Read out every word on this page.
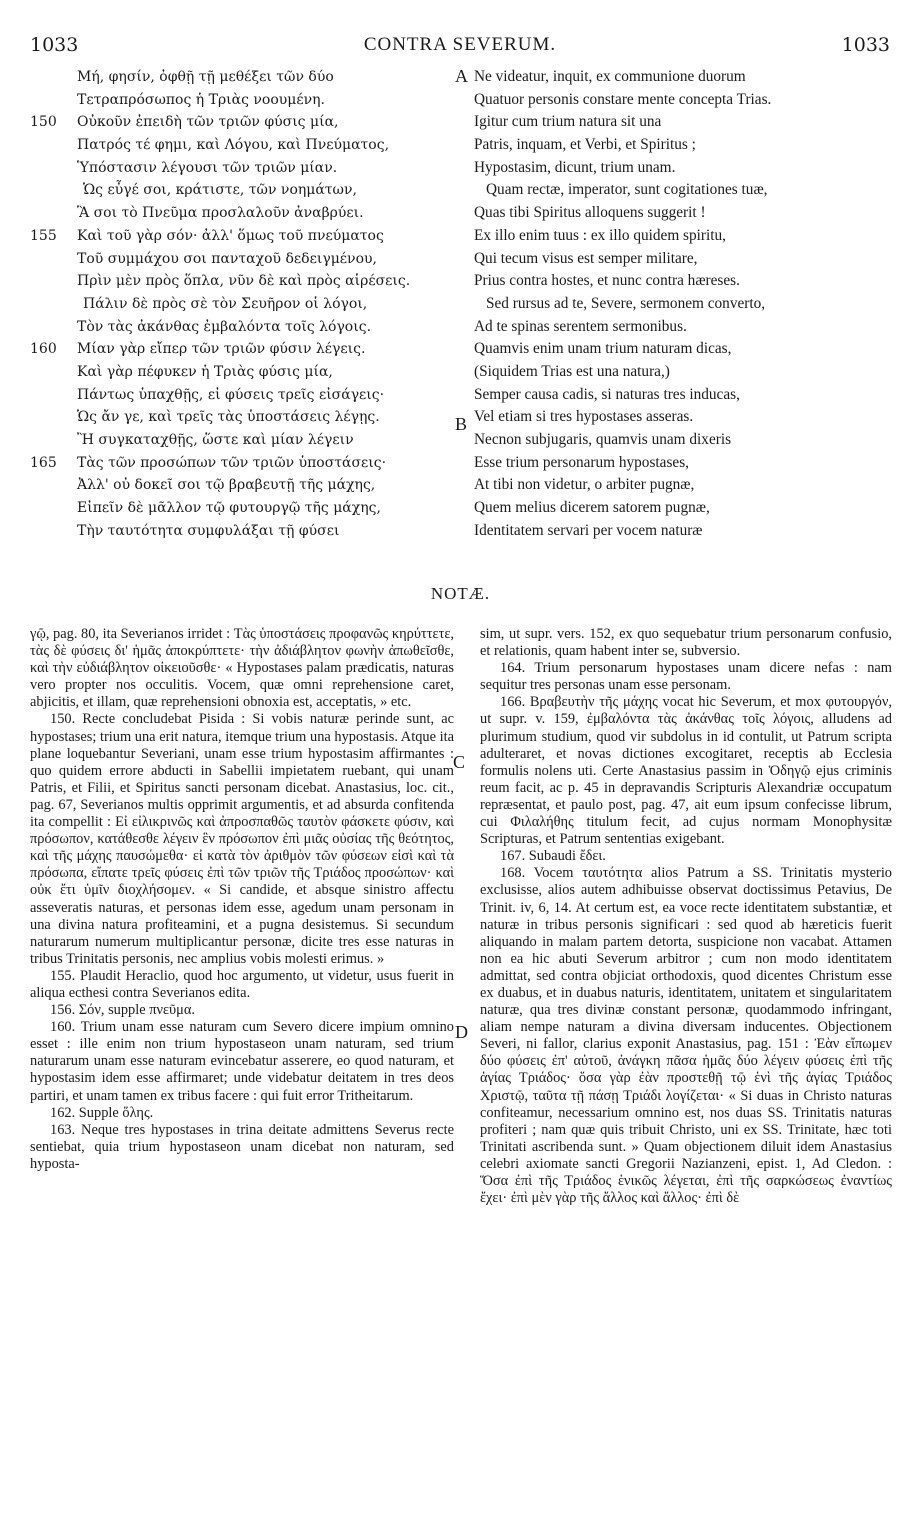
1033	CONTRA SEVERUM.	1033
Μή, φησίν, ὀφθῇ τῇ μεθέξει τῶν δύο
Τετραπρόσωπος ἡ Τριὰς νοουμένη.
150 Οὐκοῦν ἐπειδὴ τῶν τριῶν φύσις μία,
Πατρός τέ φημι, καὶ Λόγου, καὶ Πνεύματος,
Ὑπόστασιν λέγουσι τῶν τριῶν μίαν.
Ὡς εὖγέ σοι, κράτιστε, τῶν νοημάτων,
Ἃ σοι τὸ Πνεῦμα προσλαλοῦν ἀναβρύει.
155 Καὶ τοῦ γὰρ σόν· ἀλλ' ὅμως τοῦ πνεύματος
Τοῦ συμμάχου σοι πανταχοῦ δεδειγμένου,
Πρὶν μὲν πρὸς ὅπλα, νῦν δὲ καὶ πρὸς αἱρέσεις.
Πάλιν δὲ πρὸς σὲ τὸν Σευῆρον οἱ λόγοι,
Τὸν τὰς ἀκάνθας ἐμβαλόντα τοῖς λόγοις.
160 Μίαν γὰρ εἴπερ τῶν τριῶν φύσιν λέγεις.
Καὶ γὰρ πέφυκεν ἡ Τριὰς φύσις μία,
Πάντως ὑπαχθῇς, εἰ φύσεις τρεῖς εἰσάγεις·
Ὡς ἄν γε, καὶ τρεῖς τὰς ὑποστάσεις λέγῃς.
Ἢ συγκαταχθῇς, ὥστε καὶ μίαν λέγειν
165 Τὰς τῶν προσώπων τῶν τριῶν ὑποστάσεις·
Ἀλλ' οὐ δοκεῖ σοι τῷ βραβευτῇ τῆς μάχης,
Εἰπεῖν δὲ μᾶλλον τῷ φυτουργῷ τῆς μάχης,
Τὴν ταυτότητα συμφυλάξαι τῇ φύσει
Ne videatur, inquit, ex communione duorum
Quatuor personis constare mente concepta Trias.
Igitur cum trium natura sit una
Patris, inquam, et Verbi, et Spiritus ;
Hypostasim, dicunt, trium unam.
Quam rectæ, imperator, sunt cogitationes tuæ,
Quas tibi Spiritus alloquens suggerit !
Ex illo enim tuus : ex illo quidem spiritu,
Qui tecum visus est semper militare,
Prius contra hostes, et nunc contra hæreses.
Sed rursus ad te, Severe, sermonem converto,
Ad te spinas serentem sermonibus.
Quamvis enim unam trium naturam dicas,
(Siquidem Trias est una natura,)
Semper causa cadis, si naturas tres inducas,
Vel etiam si tres hypostases asseras.
Necnon subjugaris, quamvis unam dixeris
Esse trium personarum hypostases,
At tibi non videtur, o arbiter pugnæ,
Quem melius dicerem satorem pugnæ,
Identitatem servari per vocem naturæ
A
B
C
D
NOTÆ.

γῷ, pag. 80, ita Severianos irridet : Τὰς ὑποστάσεις προφανῶς κηρύττετε, τὰς δὲ φύσεις δι' ἡμᾶς ἀποκρύπτετε· τὴν ἀδιάβλητον φωνὴν ἀπωθεῖσθε, καὶ τὴν εὐδιάβλητον οἰκειοῦσθε· « Hypostases palam prædicatis, naturas vero propter nos occulitis. Vocem, quæ omni reprehensione caret, abjicitis, et illam, quæ reprehensioni obnoxia est, acceptatis, » etc.

150. Recte concludebat Pisida : Si vobis naturæ perinde sunt, ac hypostases; trium una erit natura, itemque trium una hypostasis. Atque ita plane loquebantur Severiani, unam esse trium hypostasim affirmantes : quo quidem errore abducti in Sabellii impietatem ruebant, qui unam Patris, et Filii, et Spiritus sancti personam dicebat. Anastasius, loc. cit., pag. 67, Severianos multis opprimit argumentis, et ad absurda confitenda ita compellit : Εἰ εἰλικρινῶς καὶ ἀπροσπαθῶς ταυτὸν φάσκετε φύσιν, καὶ πρόσωπον, κατάθεσθε λέγειν ἓν πρόσωπον ἐπὶ μιᾶς οὐσίας τῆς θεότητος, καὶ τῆς μάχης παυσώμεθα· εἰ κατὰ τὸν ἀριθμὸν τῶν φύσεων εἰσὶ καὶ τὰ πρόσωπα, εἴπατε τρεῖς φύσεις ἐπὶ τῶν τριῶν τῆς Τριάδος προσώπων· καὶ οὐκ ἔτι ὑμῖν διοχλήσομεν. « Si candide, et absque sinistro affectu asseveratis naturas, et personas idem esse, agedum unam personam in una divina natura profiteamini, et a pugna desistemus. Si secundum naturarum numerum multiplicantur personæ, dicite tres esse naturas in tribus Trinitatis personis, nec amplius vobis molesti erimus. »

155. Plaudit Heraclio, quod hoc argumento, ut videtur, usus fuerit in aliqua ecthesi contra Severianos edita.

156. Σόν, supple πνεῦμα.

160. Trium unam esse naturam cum Severo dicere impium omnino esset : ille enim non trium hypostaseon unam naturam, sed trium naturarum unam esse naturam evincebatur asserere, eo quod naturam, et hypostasim idem esse affirmaret; unde videbatur deitatem in tres deos partiri, et unam tamen ex tribus facere : qui fuit error Tritheitarum.

162. Supple ὅλης.

163. Neque tres hypostases in trina deitate admittens Severus recte sentiebat, quia trium hypostaseon unam dicebat non naturam, sed hyposta-

sim, ut supr. vers. 152, ex quo sequebatur trium personarum confusio, et relationis, quam habent inter se, subversio.

164. Trium personarum hypostases unam dicere nefas : nam sequitur tres personas unam esse personam.

166. Βραβευτὴν τῆς μάχης vocat hic Severum, et mox φυτουργόν, ut supr. v. 159, ἐμβαλόντα τὰς ἀκάνθας τοῖς λόγοις, alludens ad plurimum studium, quod vir subdolus in id contulit, ut Patrum scripta adulteraret, et novas dictiones excogitaret, receptis ab Ecclesia formulis nolens uti. Certe Anastasius passim in Ὁδηγῷ ejus criminis reum facit, ac p. 45 in depravandis Scripturis Alexandriæ occupatum repræsentat, et paulo post, pag. 47, ait eum ipsum confecisse librum, cui Φιλαλήθης titulum fecit, ad cujus normam Monophysitæ Scripturas, et Patrum sententias exigebant.

167. Subaudi ἔδει.

168. Vocem ταυτότητα alios Patrum a SS. Trinitatis mysterio exclusisse, alios autem adhibuisse observat doctissimus Petavius, De Trinit. iv, 6, 14. At certum est, ea voce recte identitatem substantiæ, et naturæ in tribus personis significari : sed quod ab hæreticis fuerit aliquando in malam partem detorta, suspicione non vacabat. Attamen non ea hic abuti Severum arbitror ; cum non modo identitatem admittat, sed contra objiciat orthodoxis, quod dicentes Christum esse ex duabus, et in duabus naturis, identitatem, unitatem et singularitatem naturæ, qua tres divinæ constant personæ, quodammodo infringant, aliam nempe naturam a divina diversam inducentes. Objectionem Severi, ni fallor, clarius exponit Anastasius, pag. 151 : Ἐὰν εἴπωμεν δύο φύσεις ἐπ' αὐτοῦ, ἀνάγκη πᾶσα ἡμᾶς δύο λέγειν φύσεις ἐπὶ τῆς ἁγίας Τριάδος· ὅσα γὰρ ἐὰν προστεθῇ τῷ ἑνὶ τῆς ἁγίας Τριάδος Χριστῷ, ταῦτα τῇ πάσῃ Τριάδι λογίζεται· « Si duas in Christo naturas confiteamur, necessarium omnino est, nos duas SS. Trinitatis naturas profiteri ; nam quæ quis tribuit Christo, uni ex SS. Trinitate, hæc toti Trinitati ascribenda sunt. » Quam objectionem diluit idem Anastasius celebri axiomate sancti Gregorii Nazianzeni, epist. 1, Ad Cledon. : Ὅσα ἐπὶ τῆς Τριάδος ἑνικῶς λέγεται, ἐπὶ τῆς σαρκώσεως ἐναντίως ἔχει· ἐπὶ μὲν γὰρ τῆς ἄλλος καὶ ἄλλος· ἐπὶ δὲ
